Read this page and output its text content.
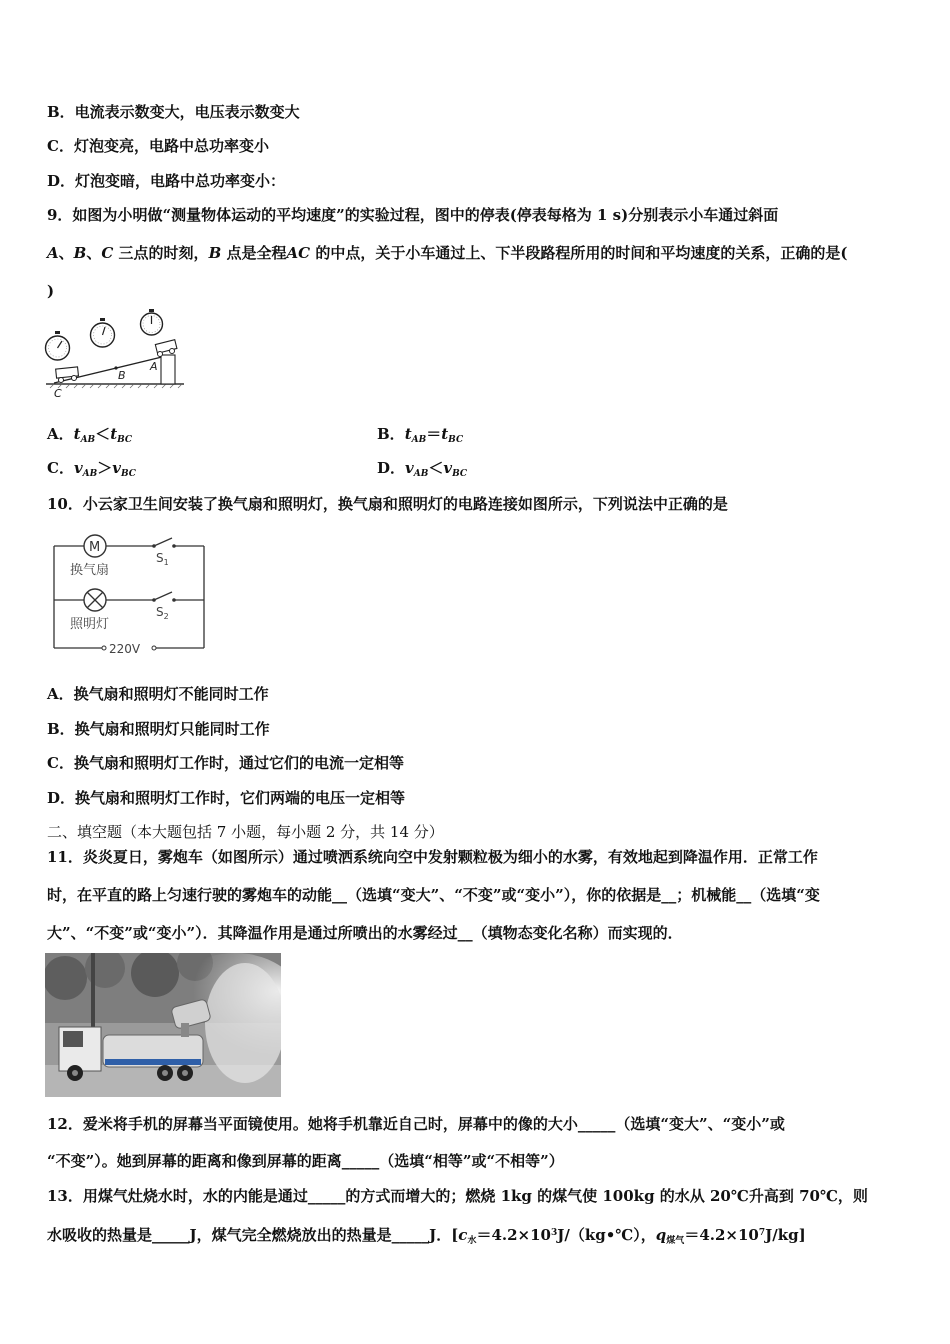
B．电流表示数变大，电压表示数变大
C．灯泡变亮，电路中总功率变小
D．灯泡变暗，电路中总功率变小：
9．如图为小明做“测量物体运动的平均速度”的实验过程，图中的停表(停表每格为 1 s)分别表示小车通过斜面
A、B、C 三点的时刻，B 点是全程AC 的中点，关于小车通过上、下半段路程所用的时间和平均速度的关系，正确的是(
)
A
B
C
A．$t_{AB}<t_{BC}$	B．$t_{AB}=t_{BC}$
C．$v_{AB}>v_{BC}$	D．$v_{AB}<v_{BC}$
10．小云家卫生间安装了换气扇和照明灯，换气扇和照明灯的电路连接如图所示，下列说法中正确的是
M
换气扇
照明灯
$S_1$
$S_2$
220V
A．换气扇和照明灯不能同时工作
B．换气扇和照明灯只能同时工作
C．换气扇和照明灯工作时，通过它们的电流一定相等
D．换气扇和照明灯工作时，它们两端的电压一定相等
二、填空题（本大题包括 7 小题，每小题 2 分，共 14 分）
11．炎炎夏日，雾炮车（如图所示）通过喷洒系统向空中发射颗粒极为细小的水雾，有效地起到降温作用．正常工作
时，在平直的路上匀速行驶的雾炮车的动能__（选填“变大”、“不变”或“变小”），你的依据是__；机械能__（选填“变
大”、“不变”或“变小”）．其降温作用是通过所喷出的水雾经过__（填物态变化名称）而实现的．
12．爱米将手机的屏幕当平面镜使用。她将手机靠近自己时，屏幕中的像的大小_____（选填“变大”、“变小”或
“不变”）。她到屏幕的距离和像到屏幕的距离_____（选填“相等”或“不相等”）
13．用煤气灶烧水时，水的内能是通过_____的方式而增大的；燃烧 1kg 的煤气使 100kg 的水从 20℃升高到 70℃，则
水吸收的热量是_____J，煤气完全燃烧放出的热量是_____J．[$c_水=4.2\times 10^3J/(kg•℃)$，$q_{煤气}=4.2\times 10^7J/kg$]
